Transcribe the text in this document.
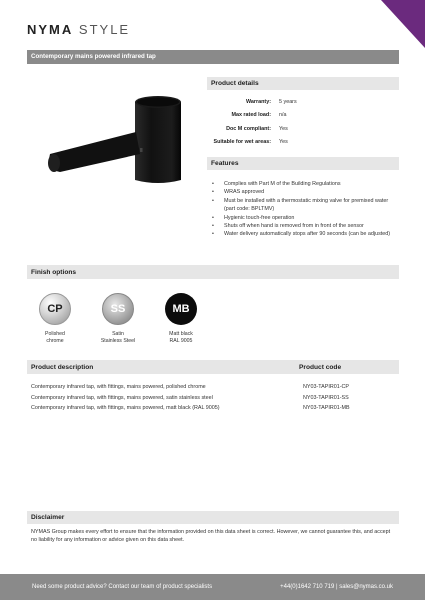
NYMA STYLE
Contemporary mains powered infrared tap
Product details
Warranty:	5 years
Max rated load:	n/a
Doc M compliant:	Yes
Suitable for wet areas:	Yes
Features
• Complies with Part M of the Building Regulations
• WRAS approved
• Must be installed with a thermostatic mixing valve for premixed water (part code: BPLTMV)
• Hygienic touch-free operation
• Shuts off when hand is removed from in front of the sensor
• Water delivery automatically stops after 90 seconds (can be adjusted)
Finish options
CP
Polished
chrome
SS
Satin
Stainless Steel
MB
Matt black
RAL 9005
Product description	Product code
Contemporary infrared tap, with fittings, mains powered, polished chrome	NY03-TAPIR01-CP
Contemporary infrared tap, with fittings, mains powered, satin stainless steel	NY03-TAPIR01-SS
Contemporary infrared tap, with fittings, mains powered, matt black (RAL 9005)	NY03-TAPIR01-MB
Disclaimer

NYMAS Group makes every effort to ensure that the information provided on this data sheet is correct. However, we cannot guarantee this, and accept no liability for any information or advice given on this data sheet.

Need some product advice? Contact our team of product specialists	+44(0)1642 710 719 | sales@nymas.co.uk
